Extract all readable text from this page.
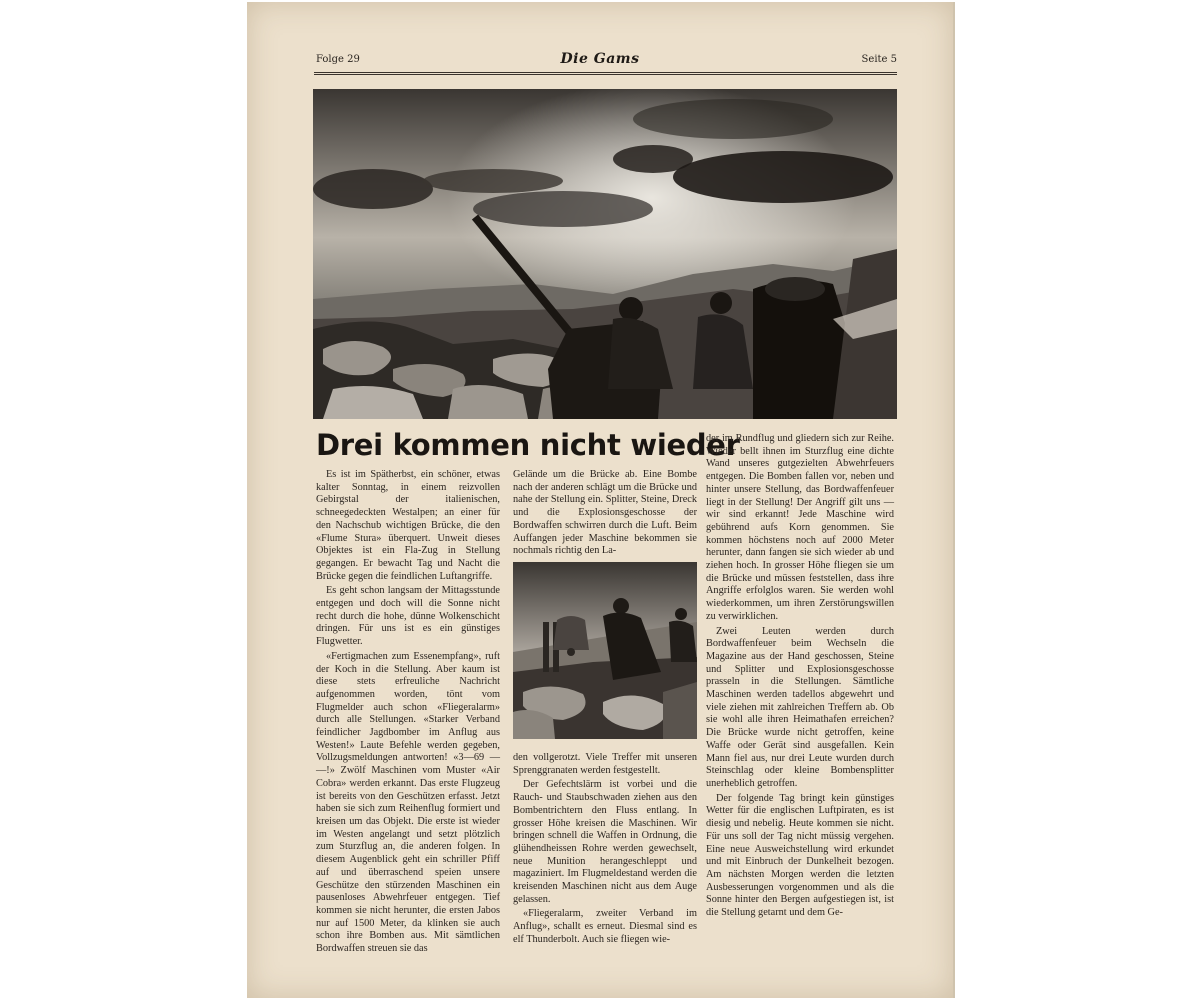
Folge 29	Die Gams	Seite 5
Drei kommen nicht wieder

Es ist im Spätherbst, ein schöner, etwas kalter Sonntag, in einem reizvollen Gebirgstal der italienischen, schneegedeckten Westalpen; an einer für den Nachschub wichtigen Brücke, die den «Flume Stura» überquert. Unweit dieses Objektes ist ein Fla-Zug in Stellung gegangen. Er bewacht Tag und Nacht die Brücke gegen die feindlichen Luftangriffe.

Es geht schon langsam der Mittagsstunde entgegen und doch will die Sonne nicht recht durch die hohe, dünne Wolkenschicht dringen. Für uns ist es ein günstiges Flugwetter.

«Fertigmachen zum Essenempfang», ruft der Koch in die Stellung. Aber kaum ist diese stets erfreuliche Nachricht aufgenommen worden, tönt vom Flugmelder auch schon «Fliegeralarm» durch alle Stellungen. «Starker Verband feindlicher Jagdbomber im Anflug aus Westen!» Laute Befehle werden gegeben, Vollzugsmeldungen antworten! «3—69 — —!» Zwölf Maschinen vom Muster «Air Cobra» werden erkannt. Das erste Flugzeug ist bereits von den Geschützen erfasst. Jetzt haben sie sich zum Reihenflug formiert und kreisen um das Objekt. Die erste ist wieder im Westen angelangt und setzt plötzlich zum Sturzflug an, die anderen folgen. In diesem Augenblick geht ein schriller Pfiff auf und überraschend speien unsere Geschütze den stürzenden Maschinen ein pausenloses Abwehrfeuer entgegen. Tief kommen sie nicht herunter, die ersten Jabos nur auf 1500 Meter, da klinken sie auch schon ihre Bomben aus. Mit sämtlichen Bordwaffen streuen sie das

Gelände um die Brücke ab. Eine Bombe nach der anderen schlägt um die Brücke und nahe der Stellung ein. Splitter, Steine, Dreck und die Explosionsgeschosse der Bordwaffen schwirren durch die Luft. Beim Auffangen jeder Maschine bekommen sie nochmals richtig den La-

den vollgerotzt. Viele Treffer mit unseren Sprenggranaten werden festgestellt.

Der Gefechtslärm ist vorbei und die Rauch- und Staubschwaden ziehen aus den Bombentrichtern den Fluss entlang. In grosser Höhe kreisen die Maschinen. Wir bringen schnell die Waffen in Ordnung, die glühendheissen Rohre werden gewechselt, neue Munition herangeschleppt und magaziniert. Im Flugmeldestand werden die kreisenden Maschinen nicht aus dem Auge gelassen.

«Fliegeralarm, zweiter Verband im Anflug», schallt es erneut. Diesmal sind es elf Thunderbolt. Auch sie fliegen wie-

der im Rundflug und gliedern sich zur Reihe. Wieder bellt ihnen im Sturzflug eine dichte Wand unseres gutgezielten Abwehrfeuers entgegen. Die Bomben fallen vor, neben und hinter unsere Stellung, das Bordwaffenfeuer liegt in der Stellung! Der Angriff gilt uns — wir sind erkannt! Jede Maschine wird gebührend aufs Korn genommen. Sie kommen höchstens noch auf 2000 Meter herunter, dann fangen sie sich wieder ab und ziehen hoch. In grosser Höhe fliegen sie um die Brücke und müssen feststellen, dass ihre Angriffe erfolglos waren. Sie werden wohl wiederkommen, um ihren Zerstörungswillen zu verwirklichen.

Zwei Leuten werden durch Bordwaffenfeuer beim Wechseln die Magazine aus der Hand geschossen, Steine und Splitter und Explosionsgeschosse prasseln in die Stellungen. Sämtliche Maschinen werden tadellos abgewehrt und viele ziehen mit zahlreichen Treffern ab. Ob sie wohl alle ihren Heimathafen erreichen? Die Brücke wurde nicht getroffen, keine Waffe oder Gerät sind ausgefallen. Kein Mann fiel aus, nur drei Leute wurden durch Steinschlag oder kleine Bombensplitter unerheblich getroffen.

Der folgende Tag bringt kein günstiges Wetter für die englischen Luftpiraten, es ist diesig und nebelig. Heute kommen sie nicht. Für uns soll der Tag nicht müssig vergehen. Eine neue Ausweichstellung wird erkundet und mit Einbruch der Dunkelheit bezogen. Am nächsten Morgen werden die letzten Ausbesserungen vorgenommen und als die Sonne hinter den Bergen aufgestiegen ist, ist die Stellung getarnt und dem Ge-
